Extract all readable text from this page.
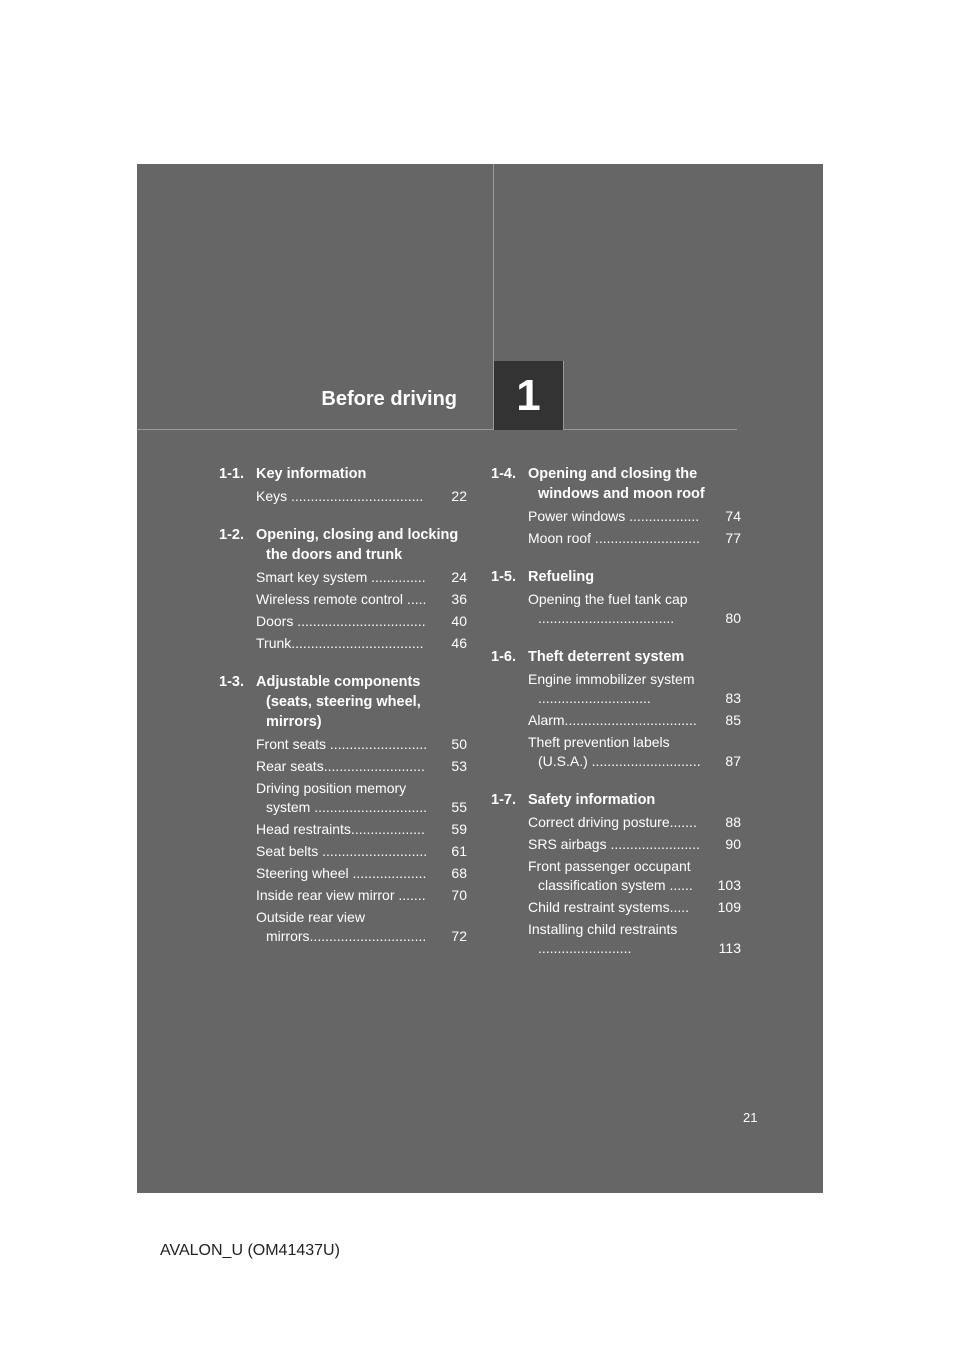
Before driving 1
1-1. Key information
Keys ..................................	22
1-2. Opening, closing and locking the doors and trunk
Smart key system ..............	24
Wireless remote control .....	36
Doors .................................	40
Trunk..................................	46
1-3. Adjustable components (seats, steering wheel, mirrors)
Front seats .........................	50
Rear seats..........................	53
Driving position memory system .............................	55
Head restraints...................	59
Seat belts ...........................	61
Steering wheel ...................	68
Inside rear view mirror .......	70
Outside rear view mirrors..............................	72
1-4. Opening and closing the windows and moon roof
Power windows ..................	74
Moon roof ...........................	77
1-5. Refueling
Opening the fuel tank cap ...................................	80
1-6. Theft deterrent system
Engine immobilizer system .............................	83
Alarm..................................	85
Theft prevention labels (U.S.A.) ............................	87
1-7. Safety information
Correct driving posture.......	88
SRS airbags .......................	90
Front passenger occupant classification system ......	103
Child restraint systems.....	109
Installing child restraints ........................	113
21
AVALON_U (OM41437U)
